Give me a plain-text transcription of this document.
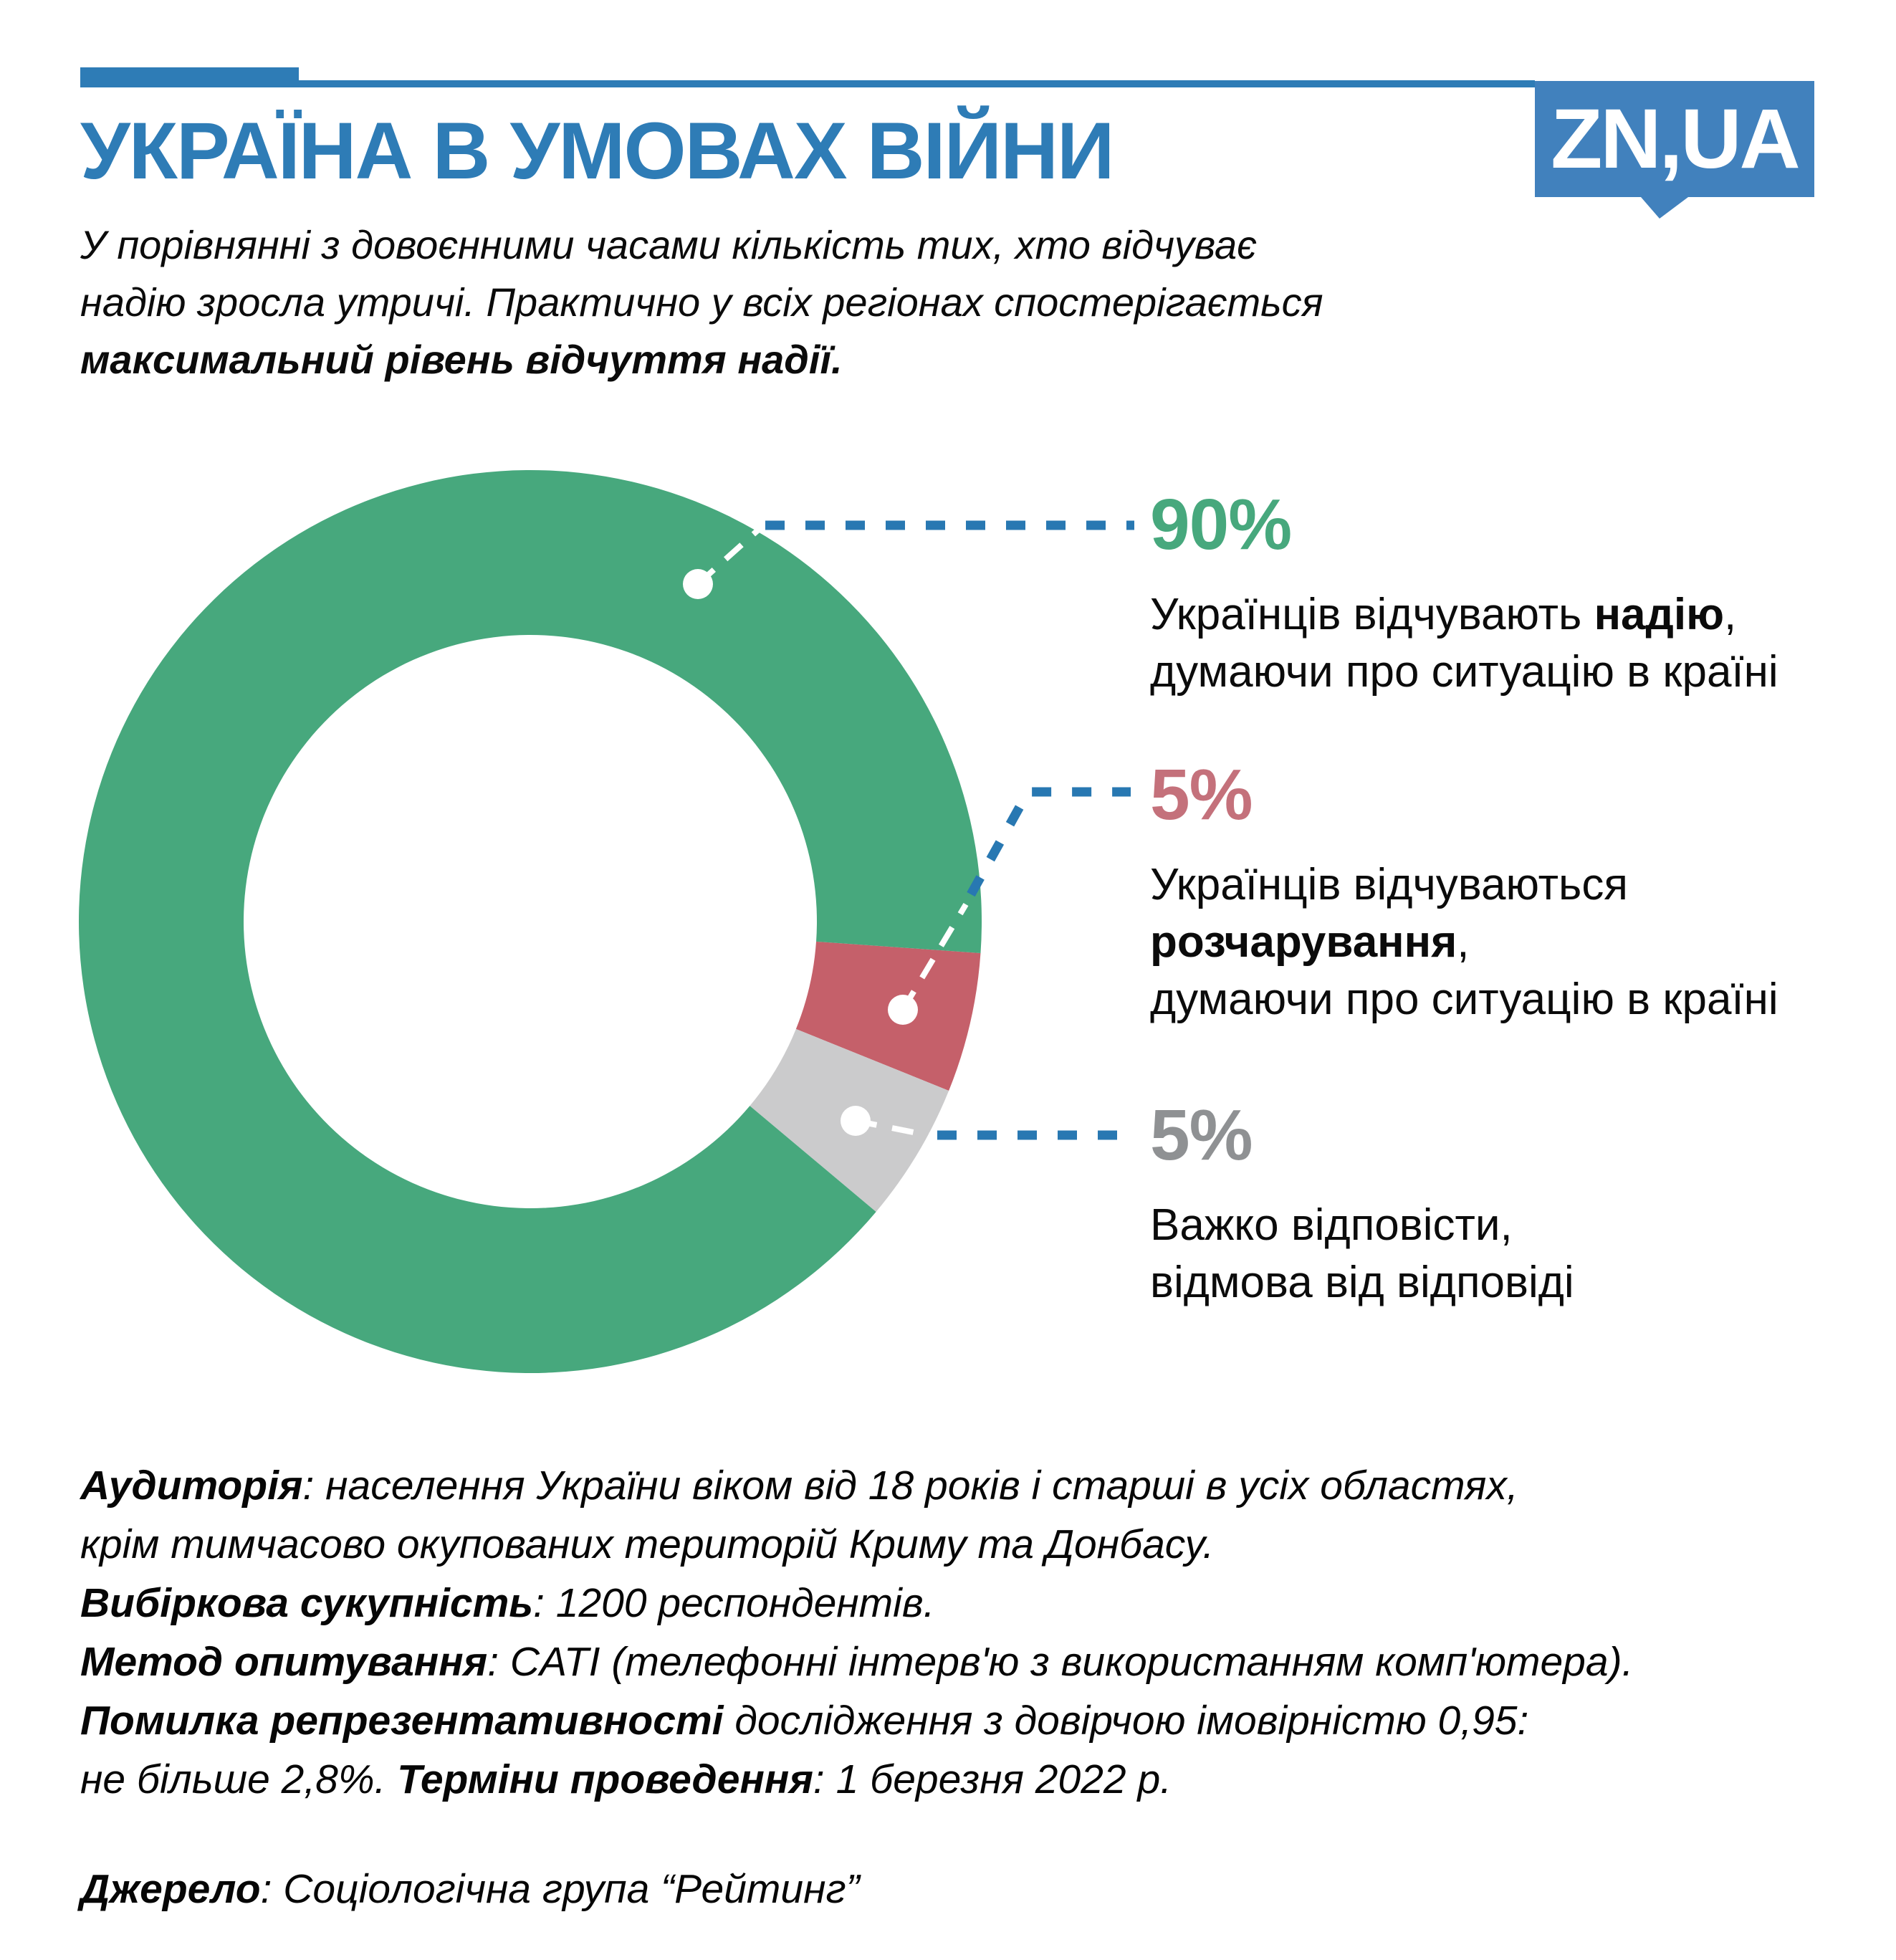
ZN,UA
УКРАЇНА В УМОВАХ ВІЙНИ
У порівнянні з довоєнними часами кількість тих, хто відчуває
надію зросла утричі. Практично у всіх регіонах спостерігається
максимальний рівень відчуття надії.
90%
Українців відчувають надію,
думаючи про ситуацію в країні
5%
Українців відчуваються
розчарування,
думаючи про ситуацію в країні
5%
Важко відповісти,
відмова від відповіді
Аудиторія: населення України віком від 18 років і старші в усіх областях,
крім тимчасово окупованих територій Криму та Донбасу.
Вибіркова сукупність: 1200 респондентів.
Метод опитування: CATI (телефонні інтерв'ю з використанням комп'ютера).
Помилка репрезентативності дослідження з довірчою імовірністю 0,95:
не більше 2,8%. Терміни проведення: 1 березня 2022 р.
Джерело: Соціологічна група “Рейтинг”
